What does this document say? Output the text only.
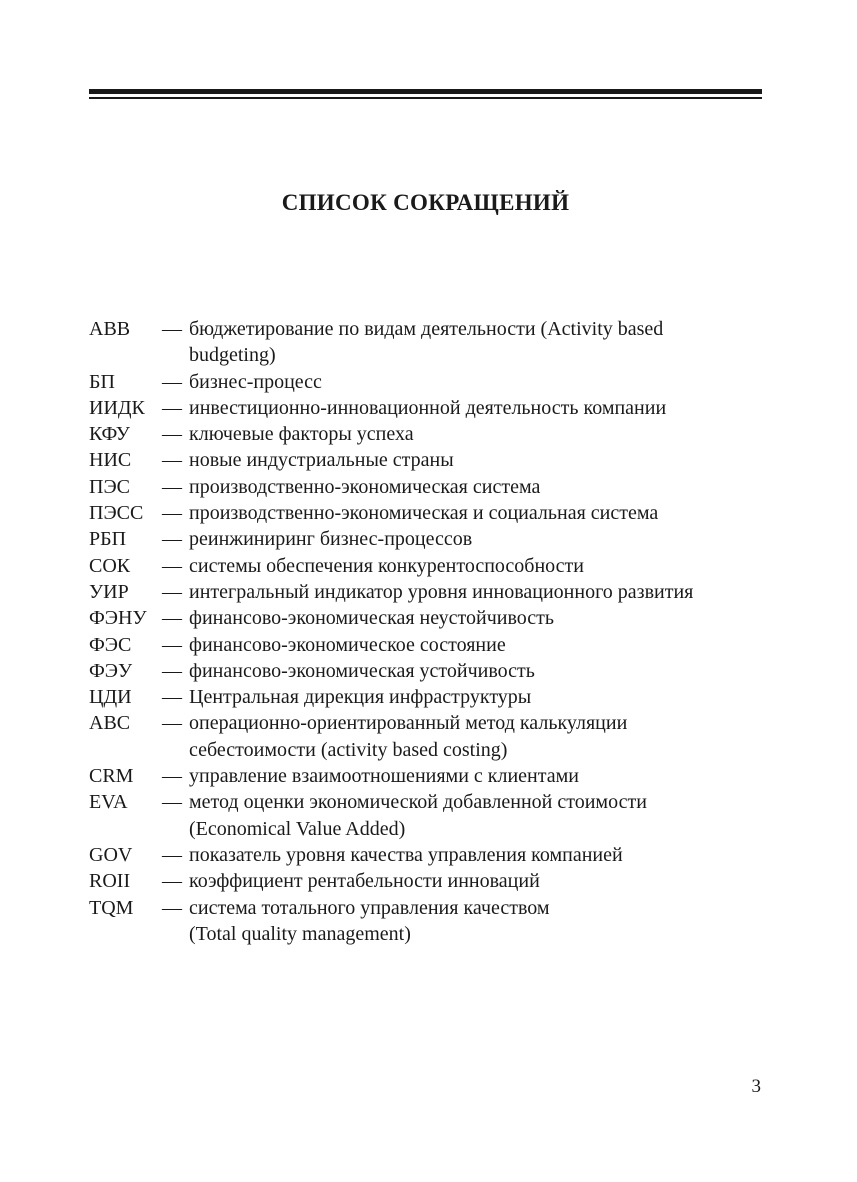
СПИСОК СОКРАЩЕНИЙ
ABB	— бюджетирование по видам деятельности (Activity based
budgeting)
БП	— бизнес-процесс
ИИДК — инвестиционно-инновационной деятельность компании
КФУ	— ключевые факторы успеха
НИС	— новые индустриальные страны
ПЭС	— производственно-экономическая система
ПЭСС — производственно-экономическая и социальная система
РБП	— реинжиниринг бизнес-процессов
СОК	— системы обеспечения конкурентоспособности
УИР	— интегральный индикатор уровня инновационного развития
ФЭНУ — финансово-экономическая неустойчивость
ФЭС	— финансово-экономическое состояние
ФЭУ	— финансово-экономическая устойчивость
ЦДИ	— Центральная дирекция инфраструктуры
ABC	— операционно-ориентированный метод калькуляции
себестоимости (activity based costing)
CRM	— управление взаимоотношениями с клиентами
EVA	— метод оценки экономической добавленной стоимости
(Economical Value Added)
GOV	— показатель уровня качества управления компанией
ROII	— коэффициент рентабельности инноваций
TQM	— система тотального управления качеством
(Total quality management)
3
